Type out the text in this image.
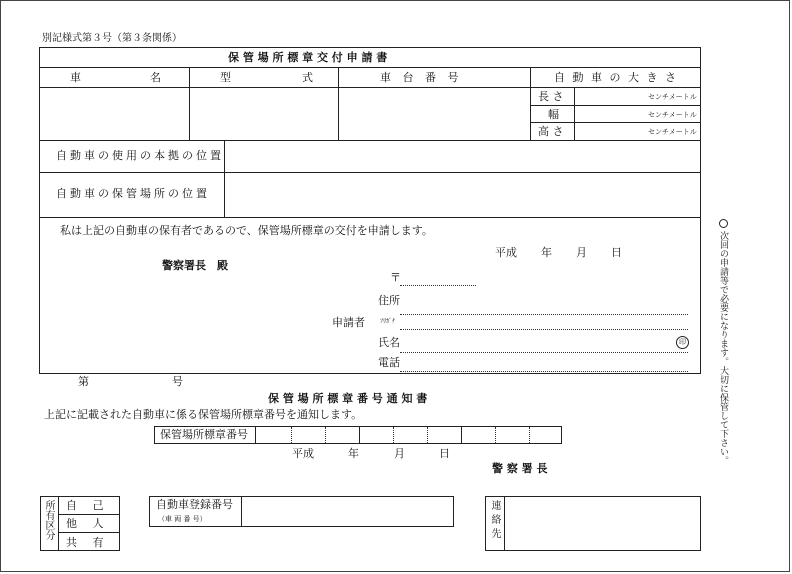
別記様式第３号（第３条関係）
保 管 場 所 標 章 交 付 申 請 書
車	名	型	式	車 台 番 号	自 動 車 の 大 き さ
長 さ	センチメートル
幅	センチメートル
高 さ	センチメートル
自動車の使用の本拠の位置
自動車の保管場所の位置
私は上記の自動車の保有者であるので、保管場所標章の交付を申請します。
平成 年 月 日
警察署長　殿
〒
住所
申請者	ﾌﾘｶﾞﾅ
氏名	印
電話
第	号
保 管 場 所 標 章 番 号 通 知 書
上記に記載された自動車に係る保管場所標章番号を通知します。
保管場所標章番号
平成	年	月	日
警 察 署 長
所有区分 自 己
他 人
共 有
自動車登録番号
（車 両 番 号）	連絡先
次回の申請等で必要になります。大切に保管して下さい。
